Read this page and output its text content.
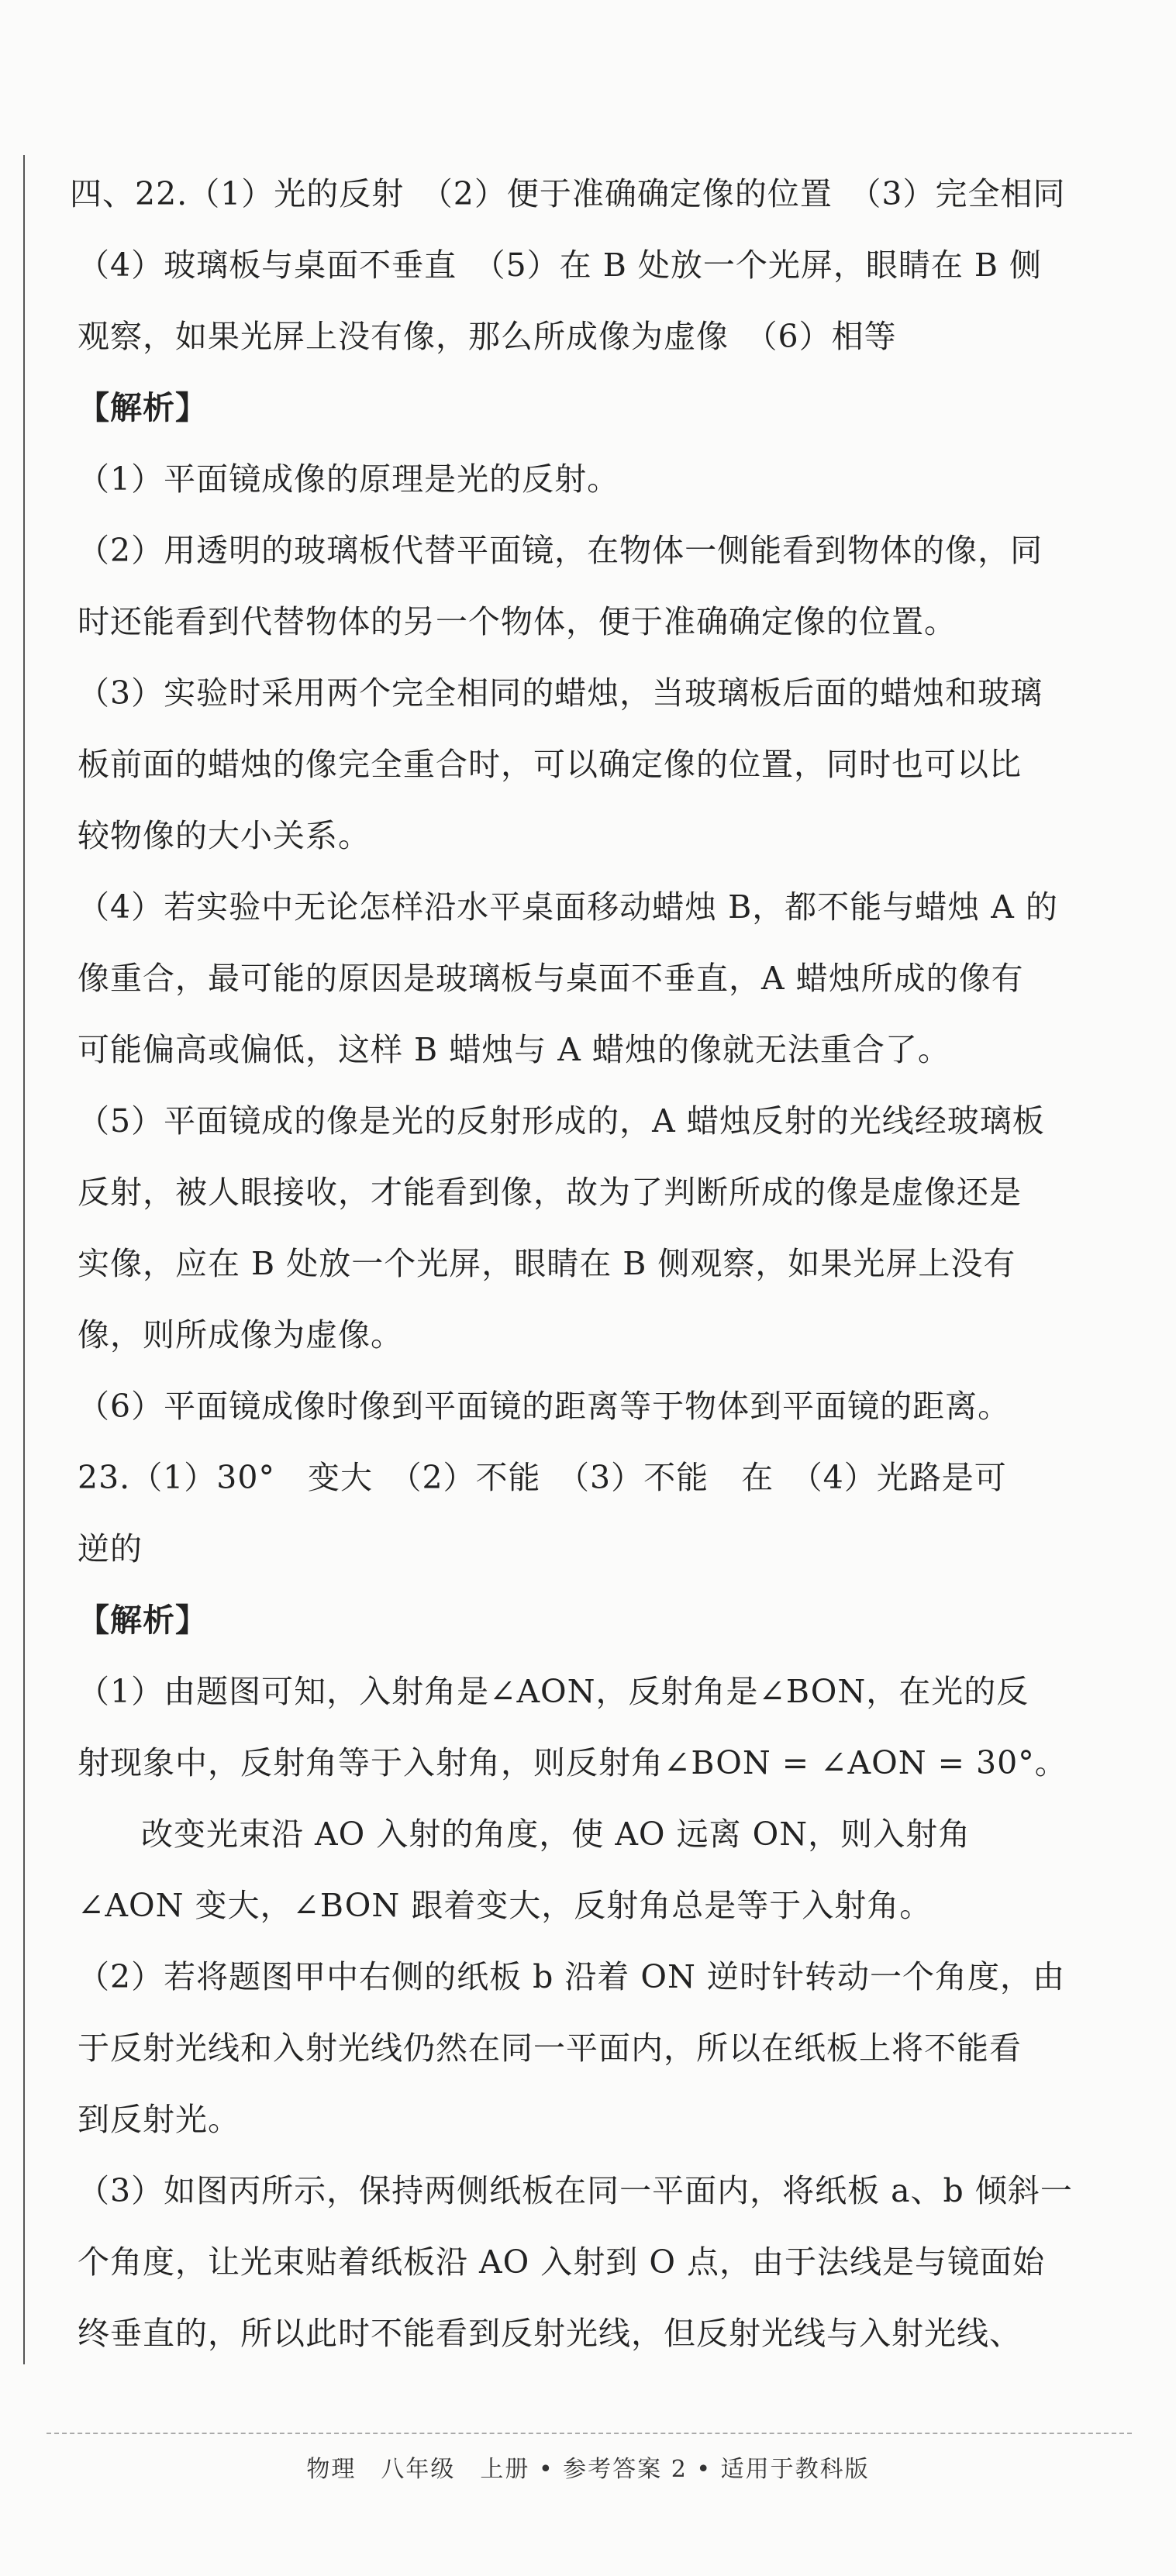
四、22.（1）光的反射　（2）便于准确确定像的位置　（3）完全相同
（4）玻璃板与桌面不垂直　（5）在 B 处放一个光屏，眼睛在 B 侧
观察，如果光屏上没有像，那么所成像为虚像　（6）相等
【解析】
（1）平面镜成像的原理是光的反射。
（2）用透明的玻璃板代替平面镜，在物体一侧能看到物体的像，同
时还能看到代替物体的另一个物体，便于准确确定像的位置。
（3）实验时采用两个完全相同的蜡烛，当玻璃板后面的蜡烛和玻璃
板前面的蜡烛的像完全重合时，可以确定像的位置，同时也可以比
较物像的大小关系。
（4）若实验中无论怎样沿水平桌面移动蜡烛 B，都不能与蜡烛 A 的
像重合，最可能的原因是玻璃板与桌面不垂直，A 蜡烛所成的像有
可能偏高或偏低，这样 B 蜡烛与 A 蜡烛的像就无法重合了。
（5）平面镜成的像是光的反射形成的，A 蜡烛反射的光线经玻璃板
反射，被人眼接收，才能看到像，故为了判断所成的像是虚像还是
实像，应在 B 处放一个光屏，眼睛在 B 侧观察，如果光屏上没有
像，则所成像为虚像。
（6）平面镜成像时像到平面镜的距离等于物体到平面镜的距离。
23.（1）30°　变大　（2）不能　（3）不能　在　（4）光路是可
逆的
【解析】
（1）由题图可知，入射角是∠AON，反射角是∠BON，在光的反
射现象中，反射角等于入射角，则反射角∠BON = ∠AON = 30°。
改变光束沿 AO 入射的角度，使 AO 远离 ON，则入射角
∠AON 变大，∠BON 跟着变大，反射角总是等于入射角。
（2）若将题图甲中右侧的纸板 b 沿着 ON 逆时针转动一个角度，由
于反射光线和入射光线仍然在同一平面内，所以在纸板上将不能看
到反射光。
（3）如图丙所示，保持两侧纸板在同一平面内，将纸板 a、b 倾斜一
个角度，让光束贴着纸板沿 AO 入射到 O 点，由于法线是与镜面始
终垂直的，所以此时不能看到反射光线，但反射光线与入射光线、
物理　八年级　上册 • 参考答案 2 • 适用于教科版
